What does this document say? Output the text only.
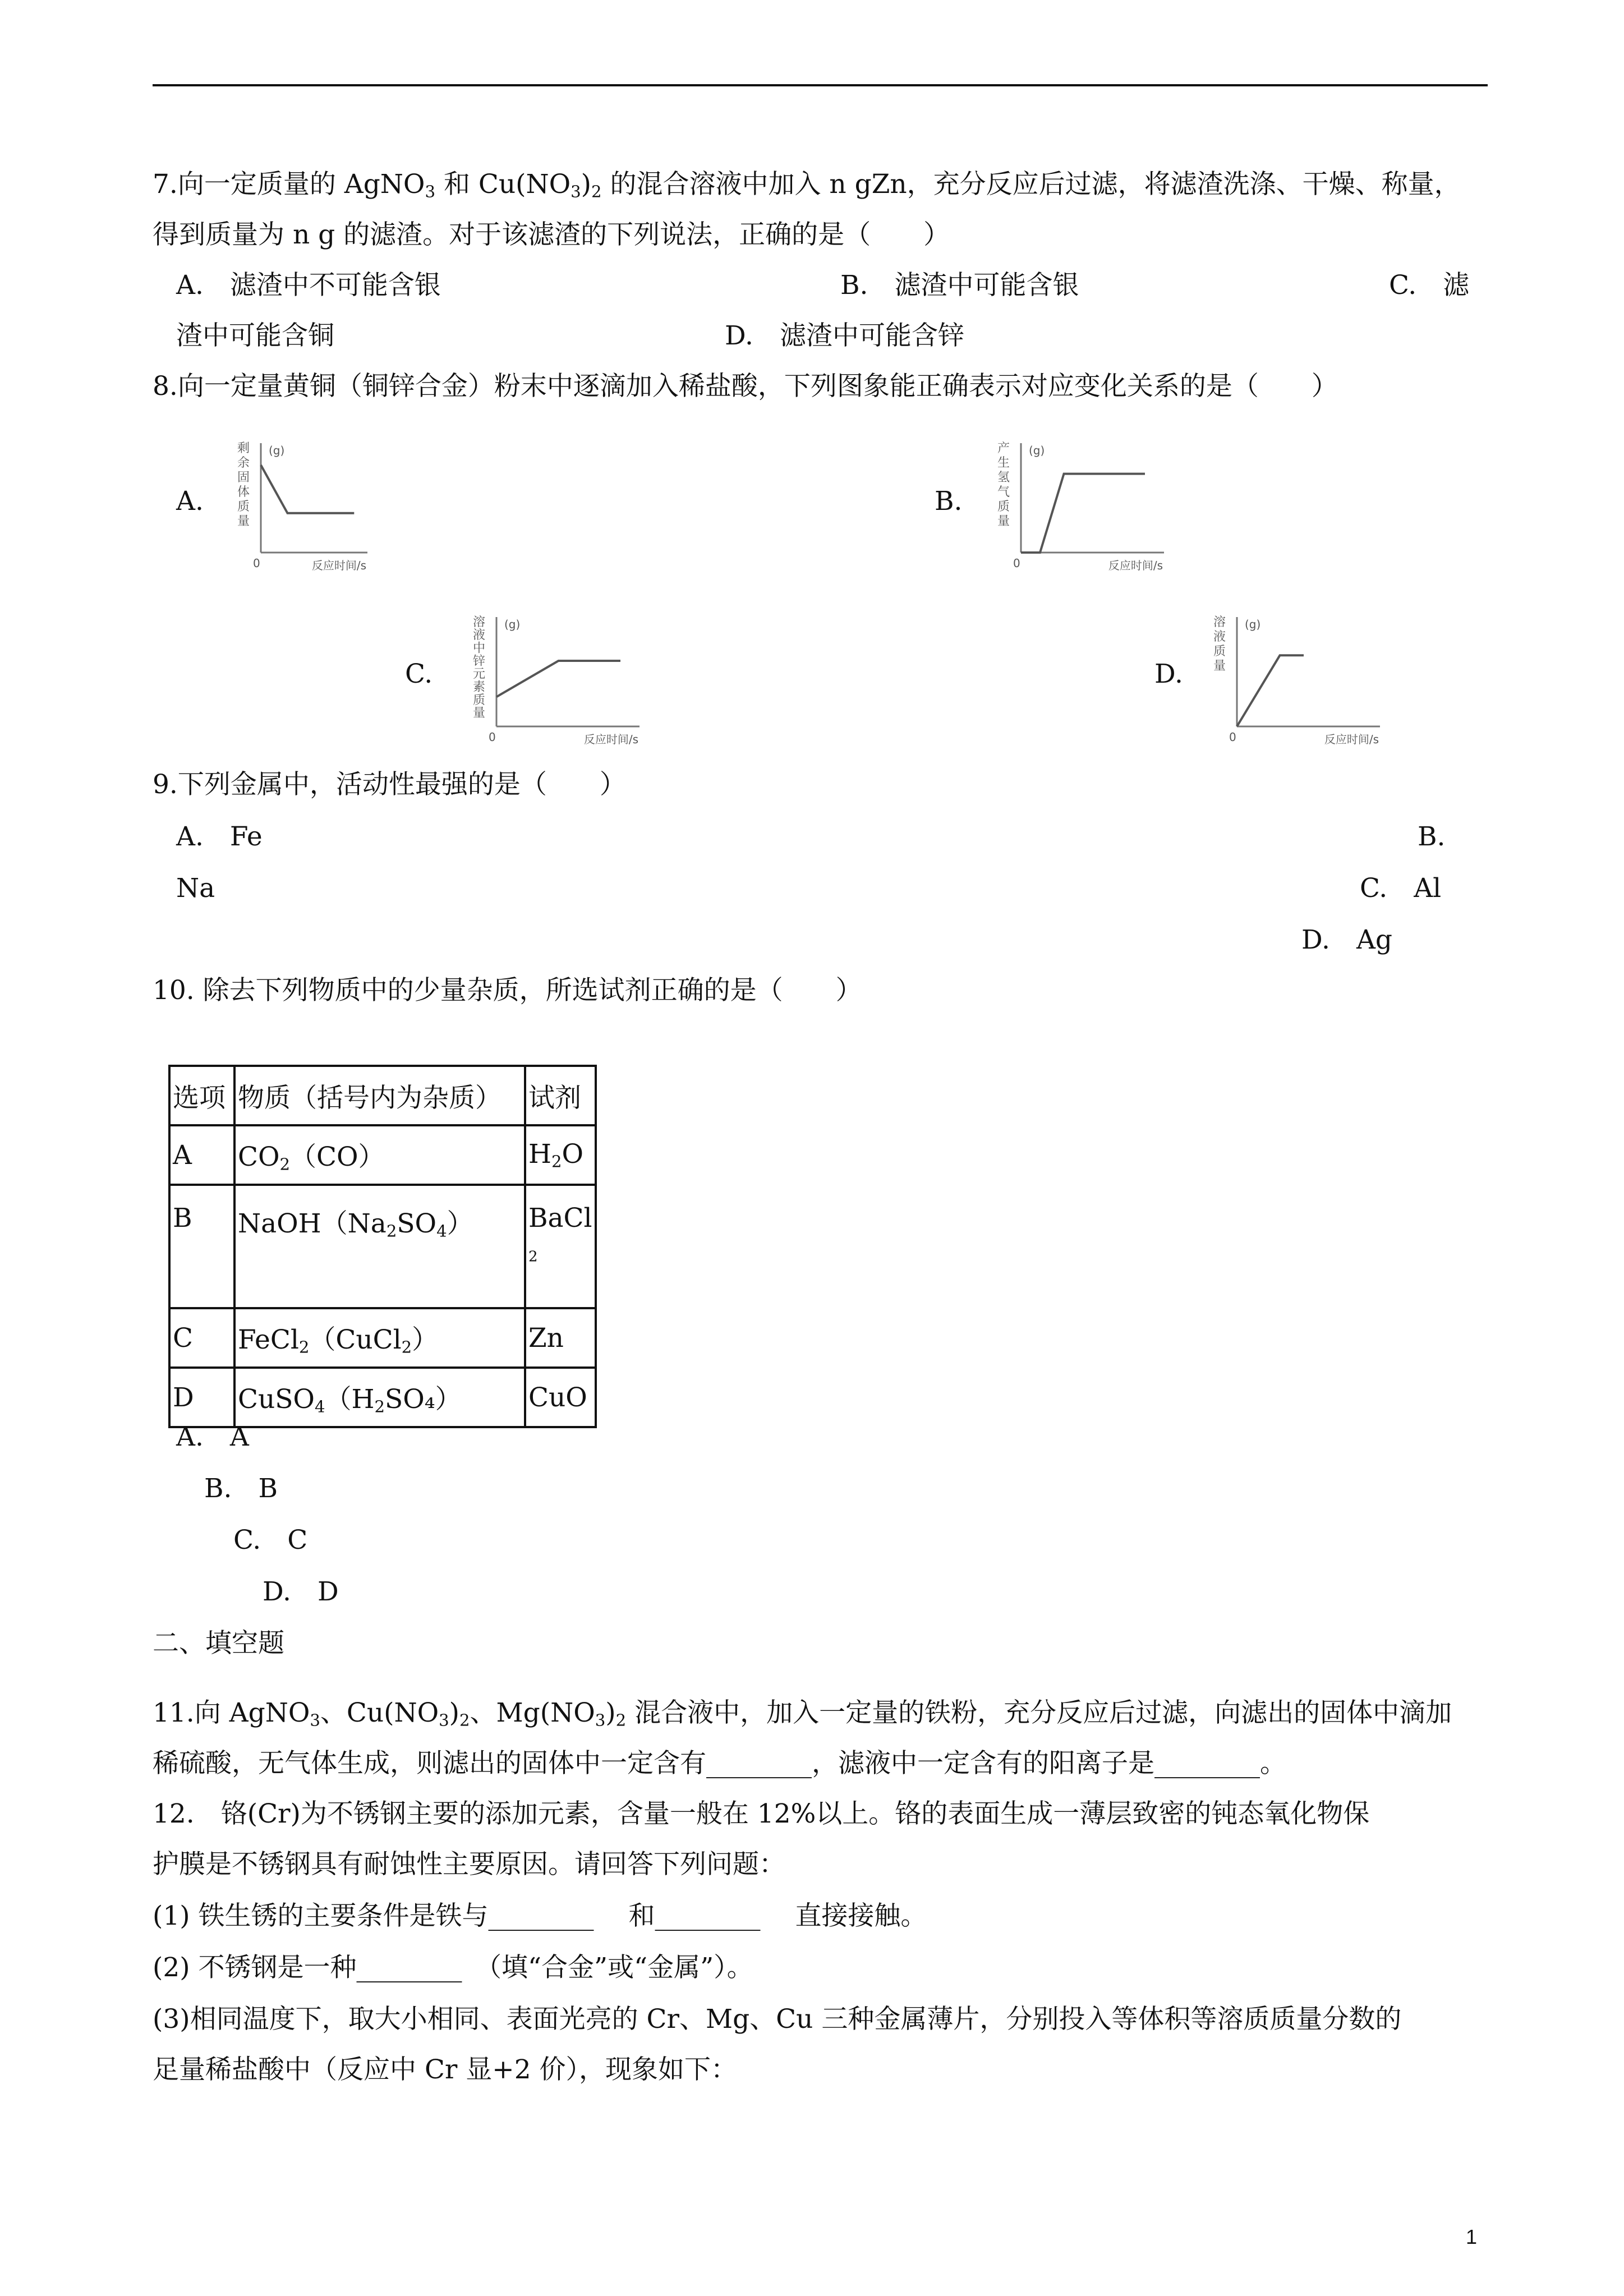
7.向一定质量的 AgNO$_3$ 和 $Cu(NO_3)_2$ 的混合溶液中加入 n gZn，充分反应后过滤，将滤渣洗涤、干燥、称量，
得到质量为 n g 的滤渣。对于该滤渣的下列说法，正确的是（　　）
A.　滤渣中不可能含银	B.　滤渣中可能含银	C.　滤
渣中可能含铜	D.　滤渣中可能含锌
8.向一定量黄铜（铜锌合金）粉末中逐滴加入稀盐酸，下列图象能正确表示对应变化关系的是（　　）
A.	B.
C.	D.
剩
余
固
体
质
量
(g)
0	反应时间/s
产
生
氢
气
质
量
(g)
0	反应时间/s
溶
液
中
锌
元
素
质
量
(g)
0	反应时间/s
溶
液
质
量
(g)
0	反应时间/s
9.下列金属中，活动性最强的是（　　）
A.　Fe	B.
Na	C.　Al
D.　Ag
10. 除去下列物质中的少量杂质，所选试剂正确的是（　　）
选项	物质（括号内为杂质）	试剂
A	$CO_2(CO)$	$H_2O$
B	$NaOH(Na_2SO_4)$	BaCl
$_2$
C	FeCl$_2$（CuCl$_2$）	Zn
D	$CuSO_4(H_2SO_4)$	CuO
A.　A
B.　B
C.　C
D.　D
二、填空题
11.向 AgNO$_3$、$Cu(NO_3)_2$、$Mg(NO_3)_2$ 混合液中，加入一定量的铁粉，充分反应后过滤，向滤出的固体中滴加
稀硫酸，无气体生成，则滤出的固体中一定含有________，滤液中一定含有的阳离子是________。
12.　铬(Cr)为不锈钢主要的添加元素，含量一般在 12%以上。铬的表面生成一薄层致密的钝态氧化物保
护膜是不锈钢具有耐蚀性主要原因。请回答下列问题：
(1) 铁生锈的主要条件是铁与________　 和________　 直接接触。
(2) 不锈钢是一种________　（填“合金”或“金属”）。
(3)相同温度下，取大小相同、表面光亮的 Cr、Mg、Cu 三种金属薄片，分别投入等体积等溶质质量分数的
足量稀盐酸中（反应中 Cr 显+2 价），现象如下：
1
